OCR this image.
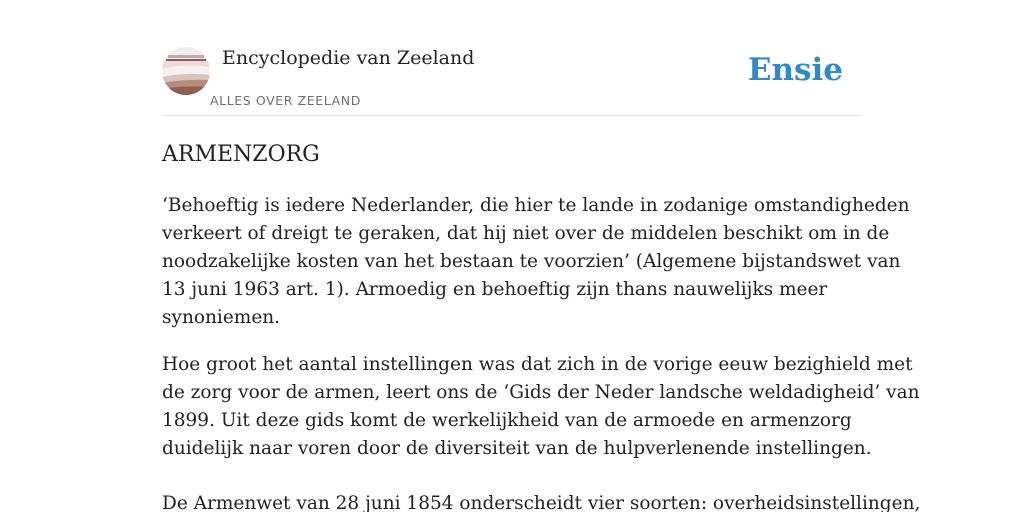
Encyclopedie van Zeeland
ALLES OVER ZEELAND
Ensie
ARMENZORG

‘Behoeftig is iedere Nederlander, die hier te lande in zodanige omstandigheden
verkeert of dreigt te geraken, dat hij niet over de middelen beschikt om in de
noodzakelijke kosten van het bestaan te voorzien’ (Algemene bijstandswet van
13 juni 1963 art. 1). Armoedig en behoeftig zijn thans nauwelijks meer
synoniemen.

Hoe groot het aantal instellingen was dat zich in de vorige eeuw bezighield met
de zorg voor de armen, leert ons de ‘Gids der Neder landsche weldadigheid’ van
1899. Uit deze gids komt de werkelijkheid van de armoede en armenzorg
duidelijk naar voren door de diversiteit van de hulpverlenende instellingen.

De Armenwet van 28 juni 1854 onderscheidt vier soorten: overheidsinstellingen,
